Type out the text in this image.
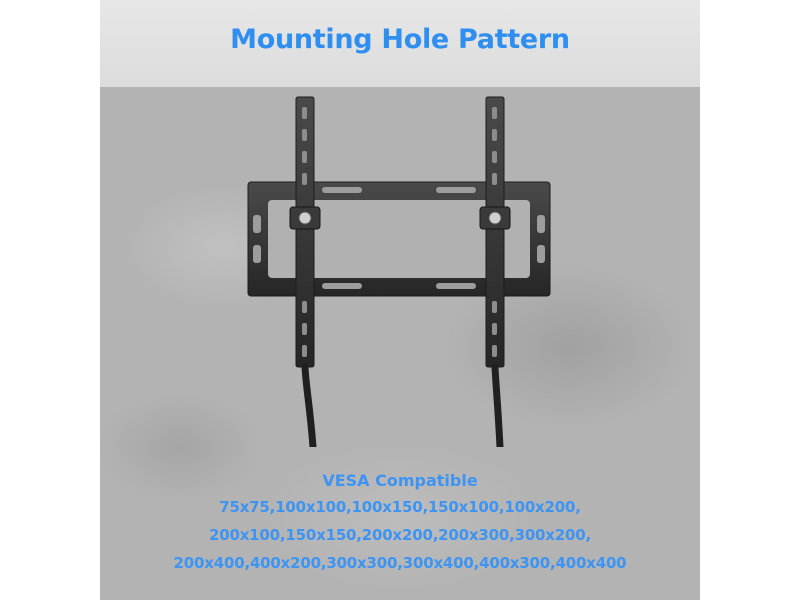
Mounting Hole Pattern
VESA Compatible
75x75,100x100,100x150,150x100,100x200,
200x100,150x150,200x200,200x300,300x200,
200x400,400x200,300x300,300x400,400x300,400x400
